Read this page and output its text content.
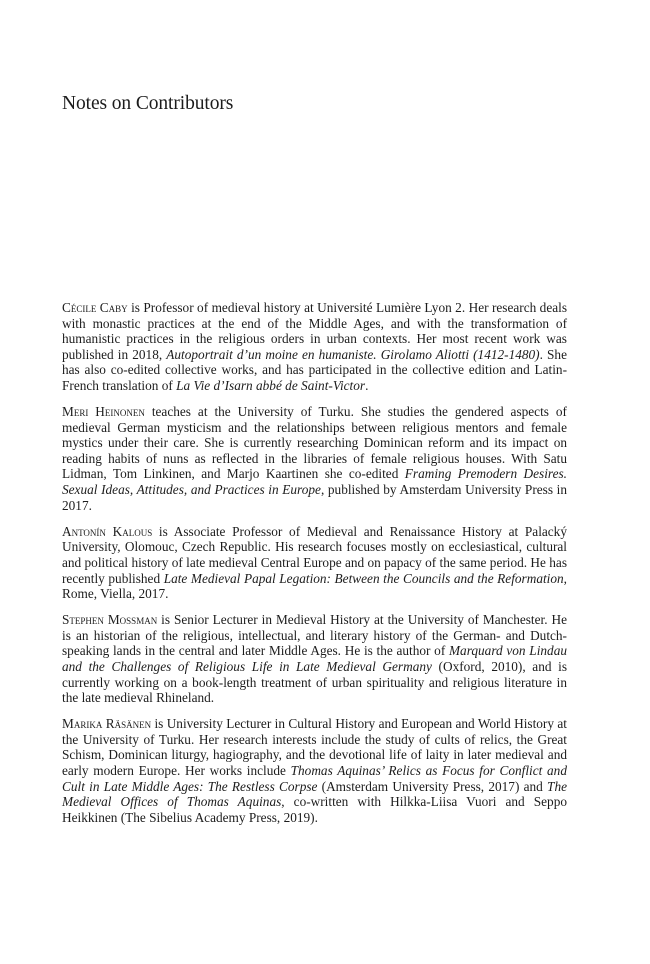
Notes on Contributors

Cécile Caby is Professor of medieval history at Université Lumière Lyon 2. Her research deals with monastic practices at the end of the Middle Ages, and with the transformation of humanistic practices in the religious orders in urban contexts. Her most recent work was published in 2018, Autoportrait d’un moine en humaniste. Girolamo Aliotti (1412-1480). She has also co-edited collective works, and has participated in the collective edition and Latin-French translation of La Vie d’Isarn abbé de Saint-Victor.

Meri Heinonen teaches at the University of Turku. She studies the gendered aspects of medieval German mysticism and the relationships between religious mentors and female mystics under their care. She is currently researching Dominican reform and its impact on reading habits of nuns as reflected in the libraries of female religious houses. With Satu Lidman, Tom Linkinen, and Marjo Kaartinen she co-edited Framing Premodern Desires. Sexual Ideas, Attitudes, and Practices in Europe, published by Amsterdam University Press in 2017.

Antonín Kalous is Associate Professor of Medieval and Renaissance History at Palacký University, Olomouc, Czech Republic. His research focuses mostly on ecclesiastical, cultural and political history of late medieval Central Europe and on papacy of the same period. He has recently published Late Medieval Papal Legation: Between the Councils and the Reformation, Rome, Viella, 2017.

Stephen Mossman is Senior Lecturer in Medieval History at the University of Manchester. He is an historian of the religious, intellectual, and literary history of the German- and Dutch-speaking lands in the central and later Middle Ages. He is the author of Marquard von Lindau and the Challenges of Religious Life in Late Medieval Germany (Oxford, 2010), and is currently working on a book-length treatment of urban spirituality and religious literature in the late medieval Rhineland.

Marika Räsänen is University Lecturer in Cultural History and European and World History at the University of Turku. Her research interests include the study of cults of relics, the Great Schism, Dominican liturgy, hagiography, and the devotional life of laity in later medieval and early modern Europe. Her works include Thomas Aquinas’ Relics as Focus for Conflict and Cult in Late Middle Ages: The Restless Corpse (Amsterdam University Press, 2017) and The Medieval Offices of Thomas Aquinas, co-written with Hilkka-Liisa Vuori and Seppo Heikkinen (The Sibelius Academy Press, 2019).
